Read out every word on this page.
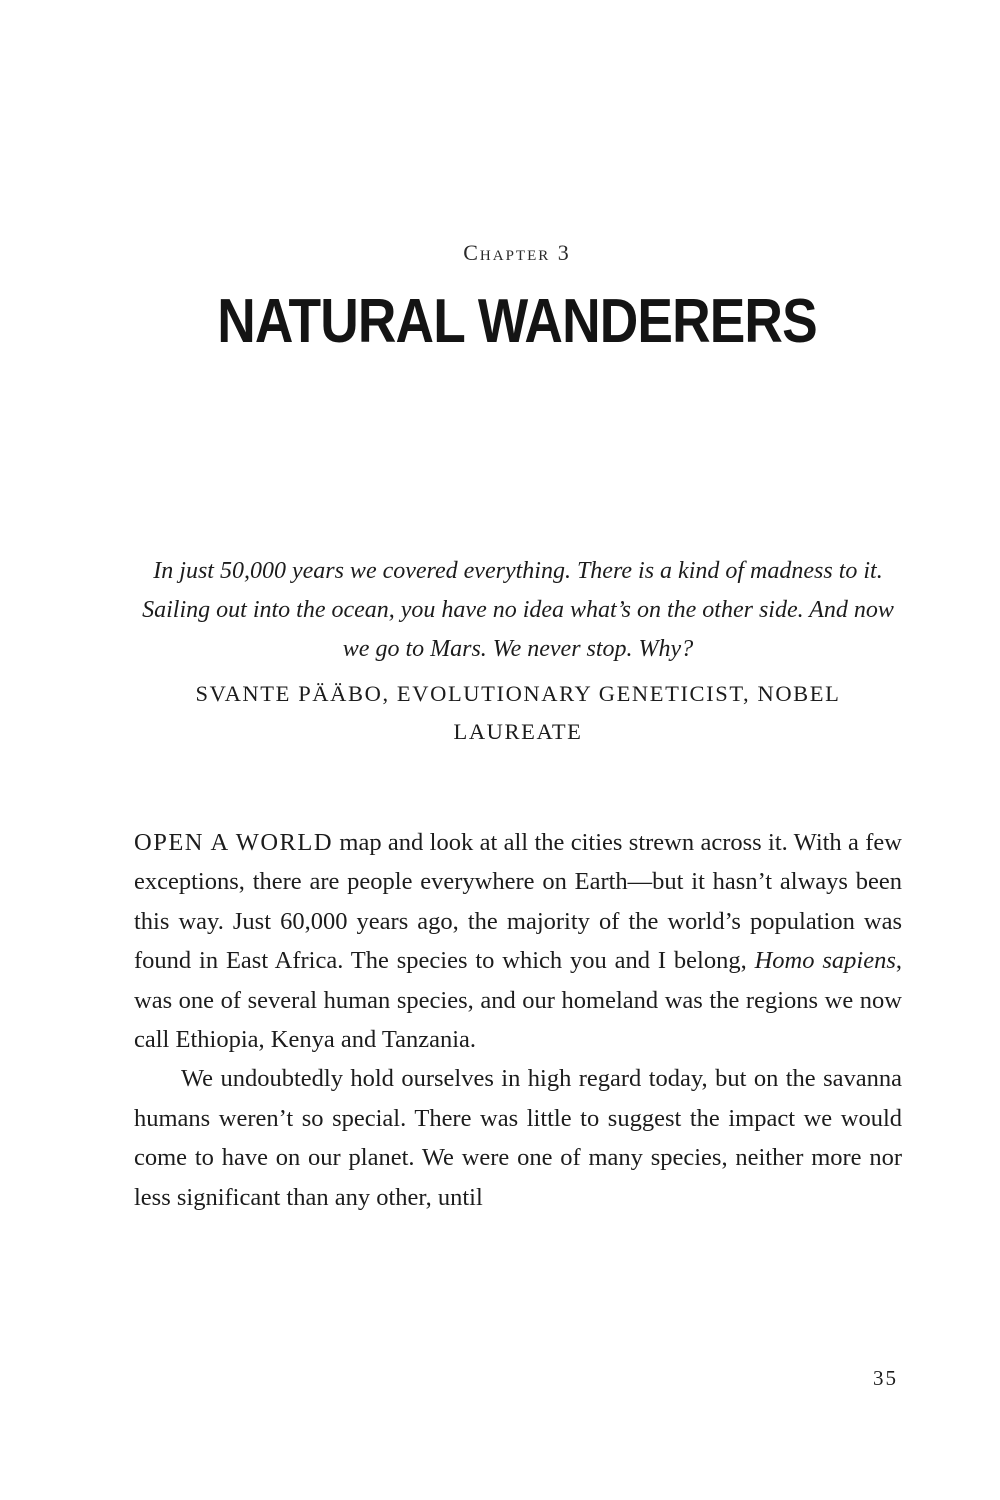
Chapter 3
NATURAL WANDERERS

In just 50,000 years we covered everything. There is a kind of madness to it. Sailing out into the ocean, you have no idea what’s on the other side. And now we go to Mars. We never stop. Why?

SVANTE PÄÄBO, EVOLUTIONARY GENETICIST, NOBEL LAUREATE

OPEN A WORLD map and look at all the cities strewn across it. With a few exceptions, there are people everywhere on Earth—but it hasn’t always been this way. Just 60,000 years ago, the majority of the world’s population was found in East Africa. The species to which you and I belong, Homo sapiens, was one of several human species, and our homeland was the regions we now call Ethiopia, Kenya and Tanzania.

We undoubtedly hold ourselves in high regard today, but on the savanna humans weren’t so special. There was little to suggest the impact we would come to have on our planet. We were one of many species, neither more nor less significant than any other, until

35
